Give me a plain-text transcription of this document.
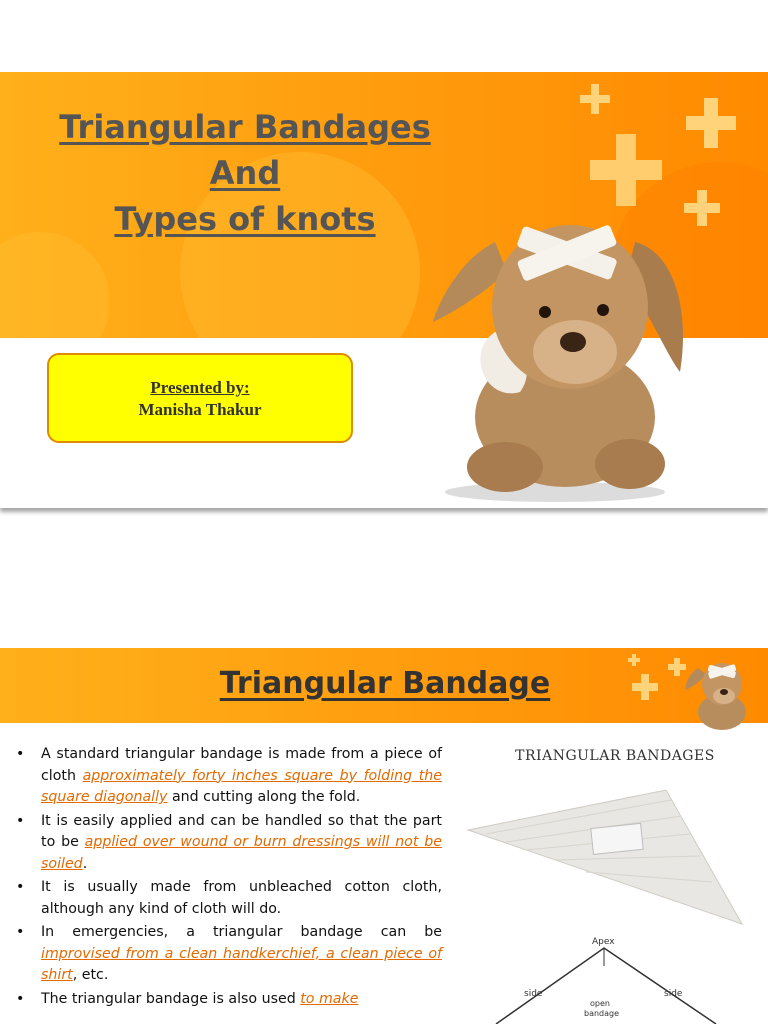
Triangular Bandages
And
Types of knots
Presented by:
Manisha Thakur
Triangular Bandage
• A standard triangular bandage is made from a piece of cloth approximately forty inches square by folding the square diagonally and cutting along the fold.
• It is easily applied and can be handled so that the part to be applied over wound or burn dressings will not be soiled.
• It is usually made from unbleached cotton cloth, although any kind of cloth will do.
• In emergencies, a triangular bandage can be improvised from a clean handkerchief, a clean piece of shirt, etc.
• The triangular bandage is also used to make
TRIANGULAR BANDAGES
Apex
side	side
open
bandage
